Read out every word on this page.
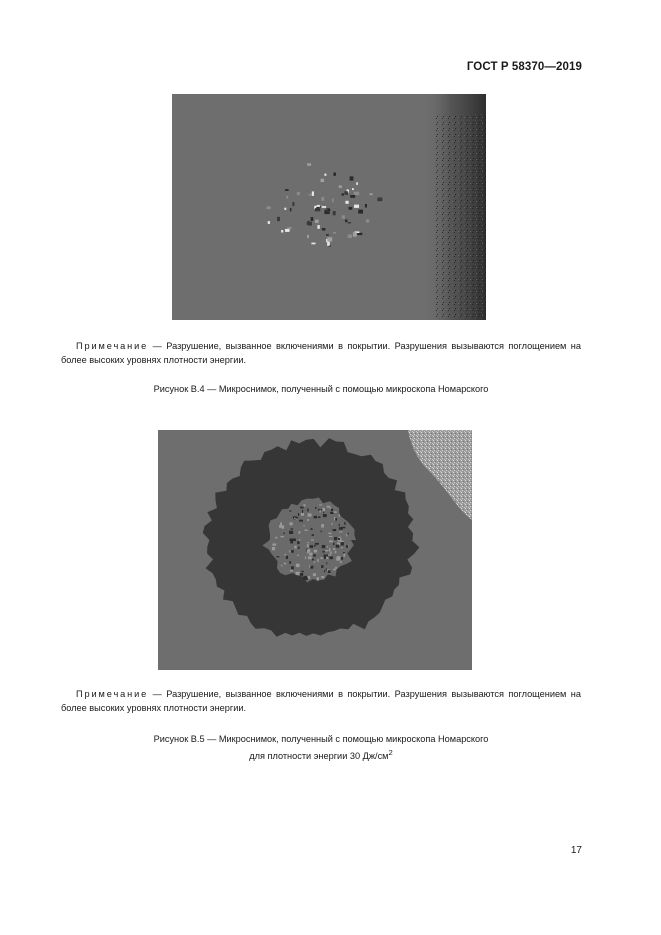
ГОСТ Р 58370—2019
Примечание — Разрушение, вызванное включениями в покрытии. Разрушения вызываются поглощением на более высоких уровнях плотности энергии.
Рисунок В.4 — Микроснимок, полученный с помощью микроскопа Номарского
Примечание — Разрушение, вызванное включениями в покрытии. Разрушения вызываются поглощением на более высоких уровнях плотности энергии.
Рисунок В.5 — Микроснимок, полученный с помощью микроскопа Номарского
для плотности энергии 30 $Дж/см^2$
17
